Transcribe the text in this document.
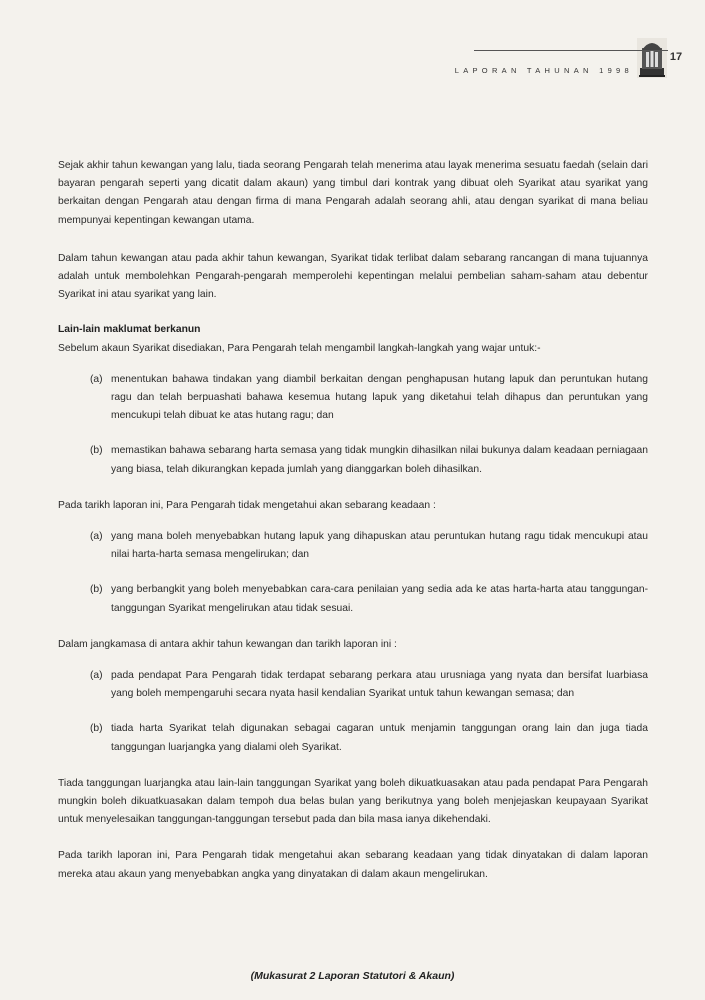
LAPORAN TAHUNAN 1998
17

Sejak akhir tahun kewangan yang lalu, tiada seorang Pengarah telah menerima atau layak menerima sesuatu faedah (selain dari bayaran pengarah seperti yang dicatit dalam akaun) yang timbul dari kontrak yang dibuat oleh Syarikat atau syarikat yang berkaitan dengan Pengarah atau dengan firma di mana Pengarah adalah seorang ahli, atau dengan syarikat di mana beliau mempunyai kepentingan kewangan utama.

Dalam tahun kewangan atau pada akhir tahun kewangan, Syarikat tidak terlibat dalam sebarang rancangan di mana tujuannya adalah untuk membolehkan Pengarah-pengarah memperolehi kepentingan melalui pembelian saham-saham atau debentur Syarikat ini atau syarikat yang lain.

Lain-lain maklumat berkanun

Sebelum akaun Syarikat disediakan, Para Pengarah telah mengambil langkah-langkah yang wajar untuk:-

(a) menentukan bahawa tindakan yang diambil berkaitan dengan penghapusan hutang lapuk dan peruntukan hutang ragu dan telah berpuashati bahawa kesemua hutang lapuk yang diketahui telah dihapus dan peruntukan yang mencukupi telah dibuat ke atas hutang ragu; dan
(b) memastikan bahawa sebarang harta semasa yang tidak mungkin dihasilkan nilai bukunya dalam keadaan perniagaan yang biasa, telah dikurangkan kepada jumlah yang dianggarkan boleh dihasilkan.

Pada tarikh laporan ini, Para Pengarah tidak mengetahui akan sebarang keadaan :

(a) yang mana boleh menyebabkan hutang lapuk yang dihapuskan atau peruntukan hutang ragu tidak mencukupi atau nilai harta-harta semasa mengelirukan; dan
(b) yang berbangkit yang boleh menyebabkan cara-cara penilaian yang sedia ada ke atas harta-harta atau tanggungan-tanggungan Syarikat mengelirukan atau tidak sesuai.

Dalam jangkamasa di antara akhir tahun kewangan dan tarikh laporan ini :

(a) pada pendapat Para Pengarah tidak terdapat sebarang perkara atau urusniaga yang nyata dan bersifat luarbiasa yang boleh mempengaruhi secara nyata hasil kendalian Syarikat untuk tahun kewangan semasa; dan
(b) tiada harta Syarikat telah digunakan sebagai cagaran untuk menjamin tanggungan orang lain dan juga tiada tanggungan luarjangka yang dialami oleh Syarikat.

Tiada tanggungan luarjangka atau lain-lain tanggungan Syarikat yang boleh dikuatkuasakan atau pada pendapat Para Pengarah mungkin boleh dikuatkuasakan dalam tempoh dua belas bulan yang berikutnya yang boleh menjejaskan keupayaan Syarikat untuk menyelesaikan tanggungan-tanggungan tersebut pada dan bila masa ianya dikehendaki.

Pada tarikh laporan ini, Para Pengarah tidak mengetahui akan sebarang keadaan yang tidak dinyatakan di dalam laporan mereka atau akaun yang menyebabkan angka yang dinyatakan di dalam akaun mengelirukan.

(Mukasurat 2 Laporan Statutori & Akaun)
